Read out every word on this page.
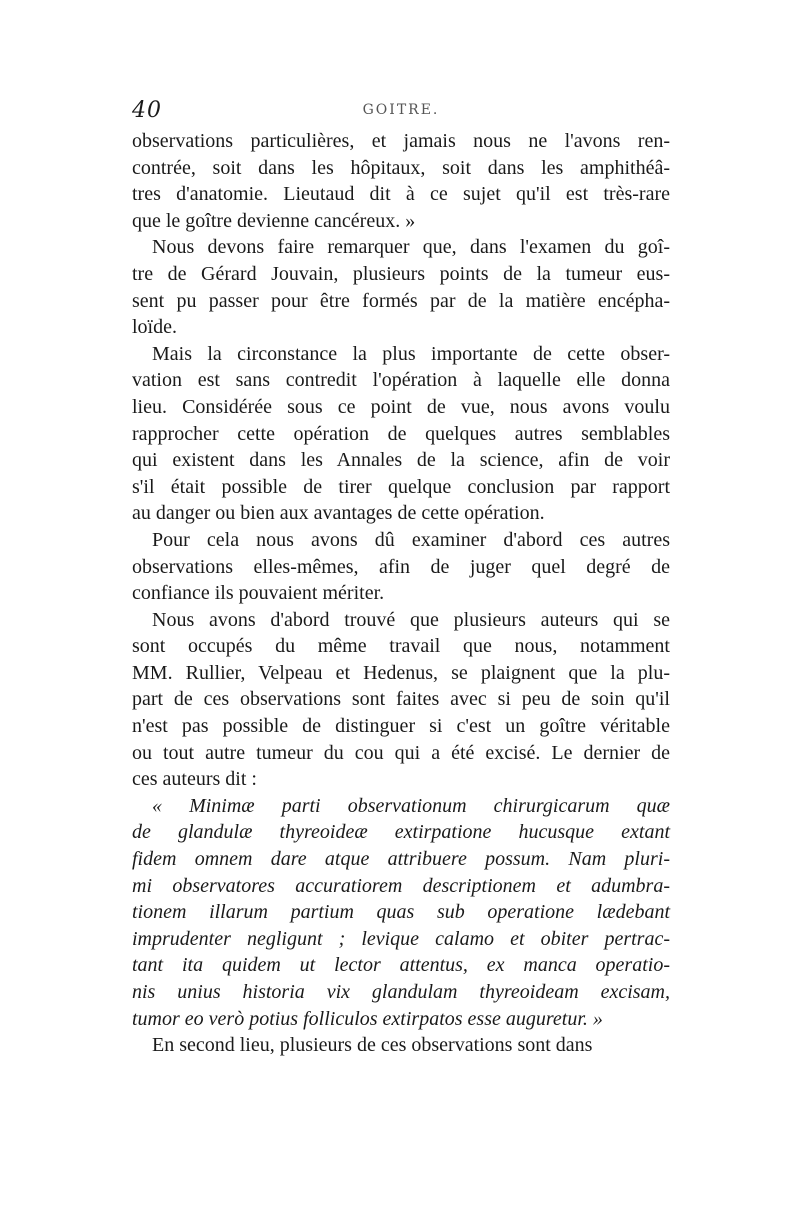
40	GOITRE.
observations particulières, et jamais nous ne l'avons ren-
contrée, soit dans les hôpitaux, soit dans les amphithéâ-
tres d'anatomie. Lieutaud dit à ce sujet qu'il est très-rare
que le goître devienne cancéreux. »
Nous devons faire remarquer que, dans l'examen du goî-
tre de Gérard Jouvain, plusieurs points de la tumeur eus-
sent pu passer pour être formés par de la matière encépha-
loïde.
Mais la circonstance la plus importante de cette obser-
vation est sans contredit l'opération à laquelle elle donna
lieu. Considérée sous ce point de vue, nous avons voulu
rapprocher cette opération de quelques autres semblables
qui existent dans les Annales de la science, afin de voir
s'il était possible de tirer quelque conclusion par rapport
au danger ou bien aux avantages de cette opération.
Pour cela nous avons dû examiner d'abord ces autres
observations elles-mêmes, afin de juger quel degré de
confiance ils pouvaient mériter.
Nous avons d'abord trouvé que plusieurs auteurs qui se
sont occupés du même travail que nous, notamment
MM. Rullier, Velpeau et Hedenus, se plaignent que la plu-
part de ces observations sont faites avec si peu de soin qu'il
n'est pas possible de distinguer si c'est un goître véritable
ou tout autre tumeur du cou qui a été excisé. Le dernier de
ces auteurs dit :
« Minimæ parti observationum chirurgicarum quæ
de glandulæ thyreoideæ extirpatione hucusque extant
fidem omnem dare atque attribuere possum. Nam pluri-
mi observatores accuratiorem descriptionem et adumbra-
tionem illarum partium quas sub operatione lædebant
imprudenter negligunt ; levique calamo et obiter pertrac-
tant ita quidem ut lector attentus, ex manca operatio-
nis unius historia vix glandulam thyreoideam excisam,
tumor eo verò potius folliculos extirpatos esse auguretur. »
En second lieu, plusieurs de ces observations sont dans
